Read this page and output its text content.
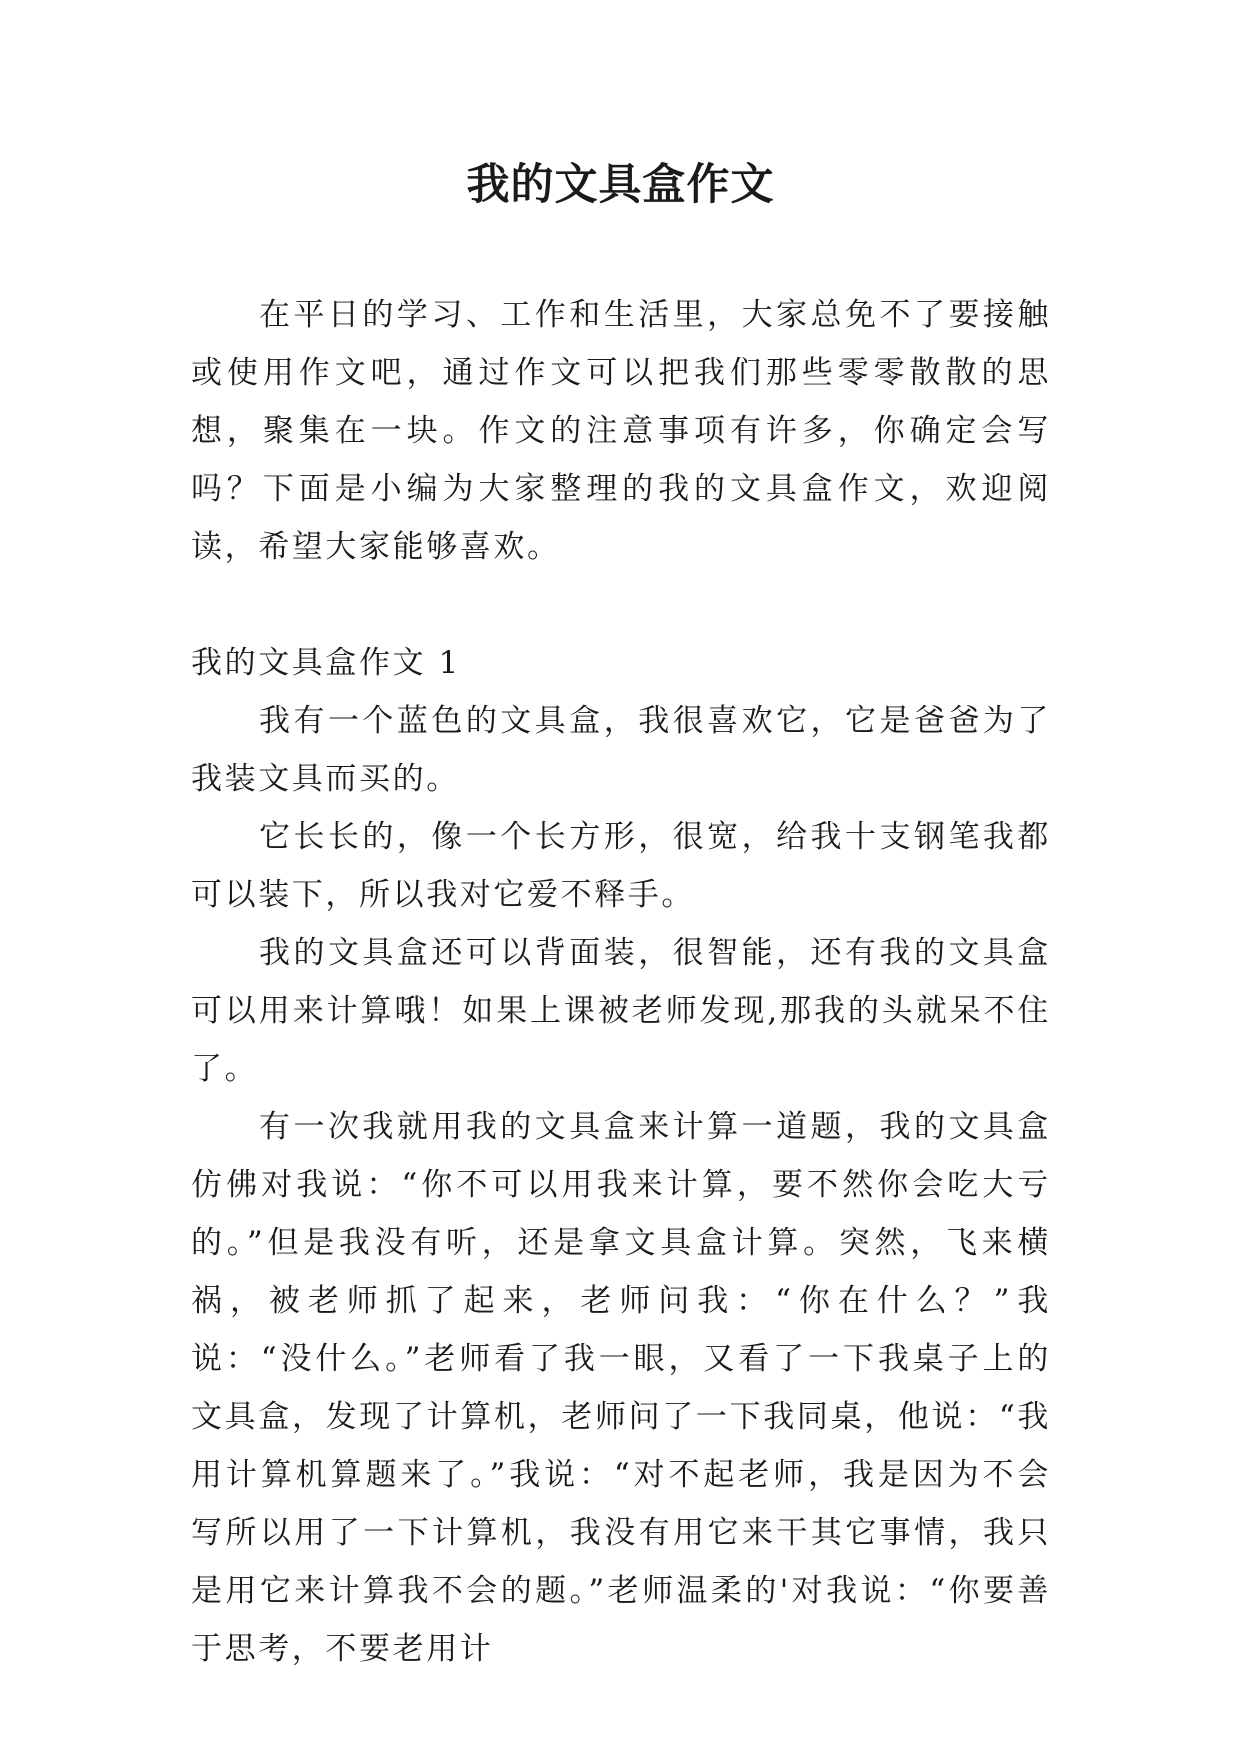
我的文具盒作文

在平日的学习、工作和生活里，大家总免不了要接触或使用作文吧，通过作文可以把我们那些零零散散的思想，聚集在一块。作文的注意事项有许多，你确定会写吗？下面是小编为大家整理的我的文具盒作文，欢迎阅读，希望大家能够喜欢。

我的文具盒作文 1

我有一个蓝色的文具盒，我很喜欢它，它是爸爸为了我装文具而买的。

它长长的，像一个长方形，很宽，给我十支钢笔我都可以装下，所以我对它爱不释手。

我的文具盒还可以背面装，很智能，还有我的文具盒可以用来计算哦！如果上课被老师发现,那我的头就呆不住了。

有一次我就用我的文具盒来计算一道题，我的文具盒仿佛对我说：“你不可以用我来计算，要不然你会吃大亏的。”但是我没有听，还是拿文具盒计算。突然，飞来横祸，被老师抓了起来，老师问我：“你在什么？”我说：“没什么。”老师看了我一眼，又看了一下我桌子上的文具盒，发现了计算机，老师问了一下我同桌，他说：“我用计算机算题来了。”我说：“对不起老师，我是因为不会写所以用了一下计算机，我没有用它来干其它事情，我只是用它来计算我不会的题。”老师温柔的'对我说：“你要善于思考，不要老用计
